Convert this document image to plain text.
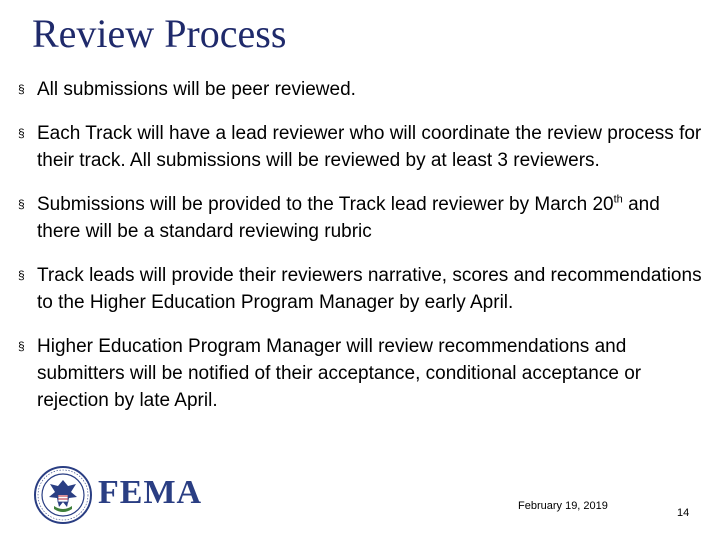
Review Process
§ All submissions will be peer reviewed.
§ Each Track will have a lead reviewer who will coordinate the review process for their track. All submissions will be reviewed by at least 3 reviewers.
§ Submissions will be provided to the Track lead reviewer by March 20th and there will be a standard reviewing rubric
§ Track leads will provide their reviewers narrative, scores and recommendations to the Higher Education Program Manager by early April.
§ Higher Education Program Manager will review recommendations and submitters will be notified of their acceptance, conditional acceptance or rejection by late April.
FEMA	February 19, 2019
14
